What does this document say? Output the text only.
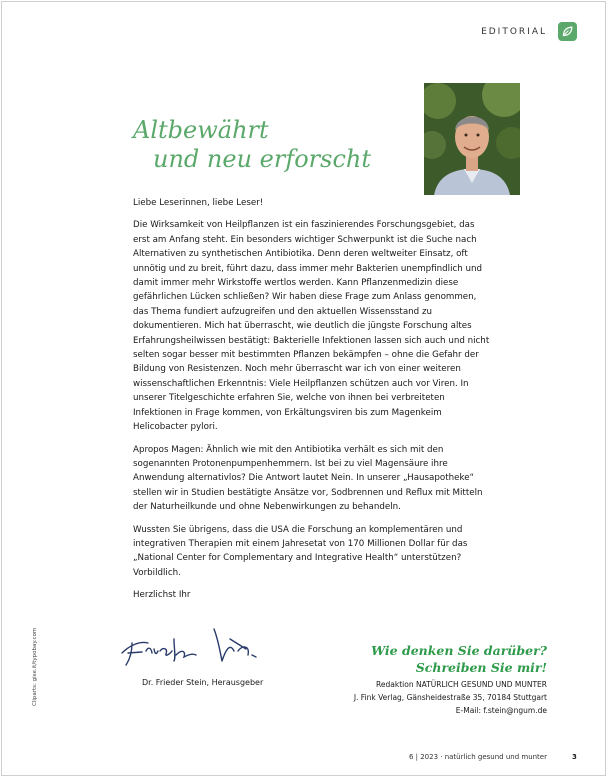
EDITORIAL
Altbewährt
und neu erforscht

Liebe Leserinnen, liebe Leser!

Die Wirksamkeit von Heilpflanzen ist ein faszinierendes Forschungsgebiet, das erst am Anfang steht. Ein besonders wichtiger Schwerpunkt ist die Suche nach Alternativen zu synthetischen Antibiotika. Denn deren weltweiter Einsatz, oft unnötig und zu breit, führt dazu, dass immer mehr Bakterien unempfindlich und damit immer mehr Wirkstoffe wertlos werden. Kann Pflanzenmedizin diese gefährlichen Lücken schließen? Wir haben diese Frage zum Anlass genommen, das Thema fundiert aufzugreifen und den aktuellen Wissensstand zu dokumentieren. Mich hat überrascht, wie deutlich die jüngste Forschung altes Erfahrungsheilwissen bestätigt: Bakterielle Infektionen lassen sich auch und nicht selten sogar besser mit bestimmten Pflanzen bekämpfen – ohne die Gefahr der Bildung von Resistenzen. Noch mehr überrascht war ich von einer weiteren wissenschaftlichen Erkenntnis: Viele Heilpflanzen schützen auch vor Viren. In unserer Titelgeschichte erfahren Sie, welche von ihnen bei verbreiteten Infektionen in Frage kommen, von Erkältungsviren bis zum Magenkeim Helicobacter pylori.

Apropos Magen: Ähnlich wie mit den Antibiotika verhält es sich mit den sogenannten Protonenpumpenhemmern. Ist bei zu viel Magensäure ihre Anwendung alternativlos? Die Antwort lautet Nein. In unserer „Hausapotheke“ stellen wir in Studien bestätigte Ansätze vor, Sodbrennen und Reflux mit Mitteln der Naturheilkunde und ohne Nebenwirkungen zu behandeln.

Wussten Sie übrigens, dass die USA die Forschung an komplementären und integrativen Therapien mit einem Jahresetat von 170 Millionen Dollar für das „National Center for Complementary and Integrative Health“ unterstützen? Vorbildlich.

Herzlichst Ihr

Dr. Frieder Stein, Herausgeber
Wie denken Sie darüber?
Schreiben Sie mir!
Redaktion NATÜRLICH GESUND UND MUNTER
J. Fink Verlag, Gänsheidestraße 35, 70184 Stuttgart
E-Mail: f.stein@ngum.de
Cliparts: gise.it/typobay.com
6 | 2023 · natürlich gesund und munter	3
